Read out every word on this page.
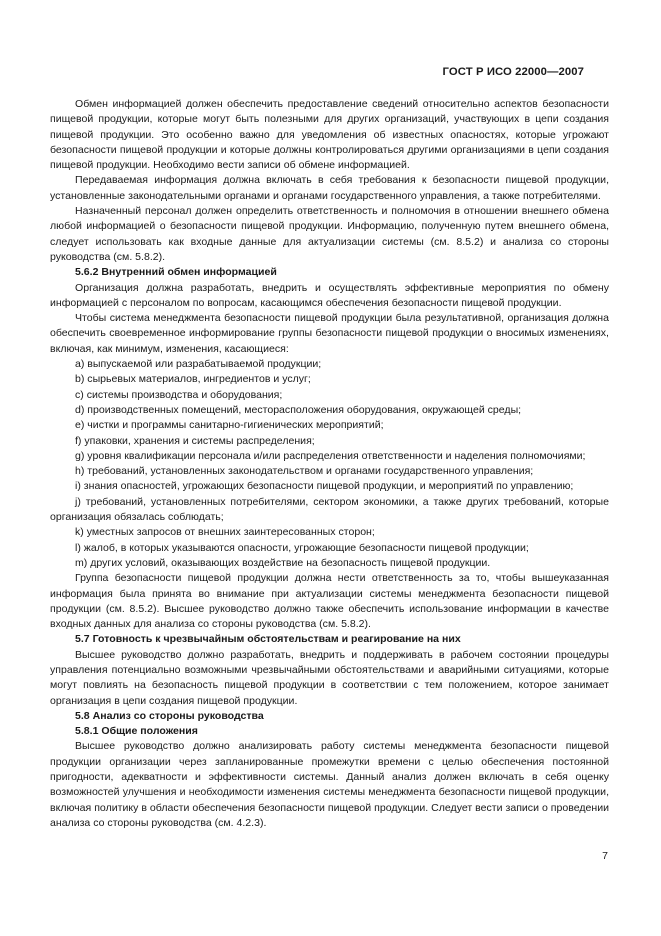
ГОСТ Р ИСО 22000—2007

Обмен информацией должен обеспечить предоставление сведений относительно аспектов безопасности пищевой продукции, которые могут быть полезными для других организаций, участвующих в цепи создания пищевой продукции. Это особенно важно для уведомления об известных опасностях, которые угрожают безопасности пищевой продукции и которые должны контролироваться другими организациями в цепи создания пищевой продукции. Необходимо вести записи об обмене информацией.

Передаваемая информация должна включать в себя требования к безопасности пищевой продукции, установленные законодательными органами и органами государственного управления, а также потребителями.

Назначенный персонал должен определить ответственность и полномочия в отношении внешнего обмена любой информацией о безопасности пищевой продукции. Информацию, полученную путем внешнего обмена, следует использовать как входные данные для актуализации системы (см. 8.5.2) и анализа со стороны руководства (см. 5.8.2).

5.6.2 Внутренний обмен информацией

Организация должна разработать, внедрить и осуществлять эффективные мероприятия по обмену информацией с персоналом по вопросам, касающимся обеспечения безопасности пищевой продукции.

Чтобы система менеджмента безопасности пищевой продукции была результативной, организация должна обеспечить своевременное информирование группы безопасности пищевой продукции о вносимых изменениях, включая, как минимум, изменения, касающиеся:

a) выпускаемой или разрабатываемой продукции;

b) сырьевых материалов, ингредиентов и услуг;

c) системы производства и оборудования;

d) производственных помещений, месторасположения оборудования, окружающей среды;

e) чистки и программы санитарно-гигиенических мероприятий;

f) упаковки, хранения и системы распределения;

g) уровня квалификации персонала и/или распределения ответственности и наделения полномочиями;

h) требований, установленных законодательством и органами государственного управления;

i) знания опасностей, угрожающих безопасности пищевой продукции, и мероприятий по управлению;

j) требований, установленных потребителями, сектором экономики, а также других требований, которые организация обязалась соблюдать;

k) уместных запросов от внешних заинтересованных сторон;

l) жалоб, в которых указываются опасности, угрожающие безопасности пищевой продукции;

m) других условий, оказывающих воздействие на безопасность пищевой продукции.

Группа безопасности пищевой продукции должна нести ответственность за то, чтобы вышеуказанная информация была принята во внимание при актуализации системы менеджмента безопасности пищевой продукции (см. 8.5.2). Высшее руководство должно также обеспечить использование информации в качестве входных данных для анализа со стороны руководства (см. 5.8.2).

5.7 Готовность к чрезвычайным обстоятельствам и реагирование на них

Высшее руководство должно разработать, внедрить и поддерживать в рабочем состоянии процедуры управления потенциально возможными чрезвычайными обстоятельствами и аварийными ситуациями, которые могут повлиять на безопасность пищевой продукции в соответствии с тем положением, которое занимает организация в цепи создания пищевой продукции.

5.8 Анализ со стороны руководства

5.8.1 Общие положения

Высшее руководство должно анализировать работу системы менеджмента безопасности пищевой продукции организации через запланированные промежутки времени с целью обеспечения постоянной пригодности, адекватности и эффективности системы. Данный анализ должен включать в себя оценку возможностей улучшения и необходимости изменения системы менеджмента безопасности пищевой продукции, включая политику в области обеспечения безопасности пищевой продукции. Следует вести записи о проведении анализа со стороны руководства (см. 4.2.3).

7
